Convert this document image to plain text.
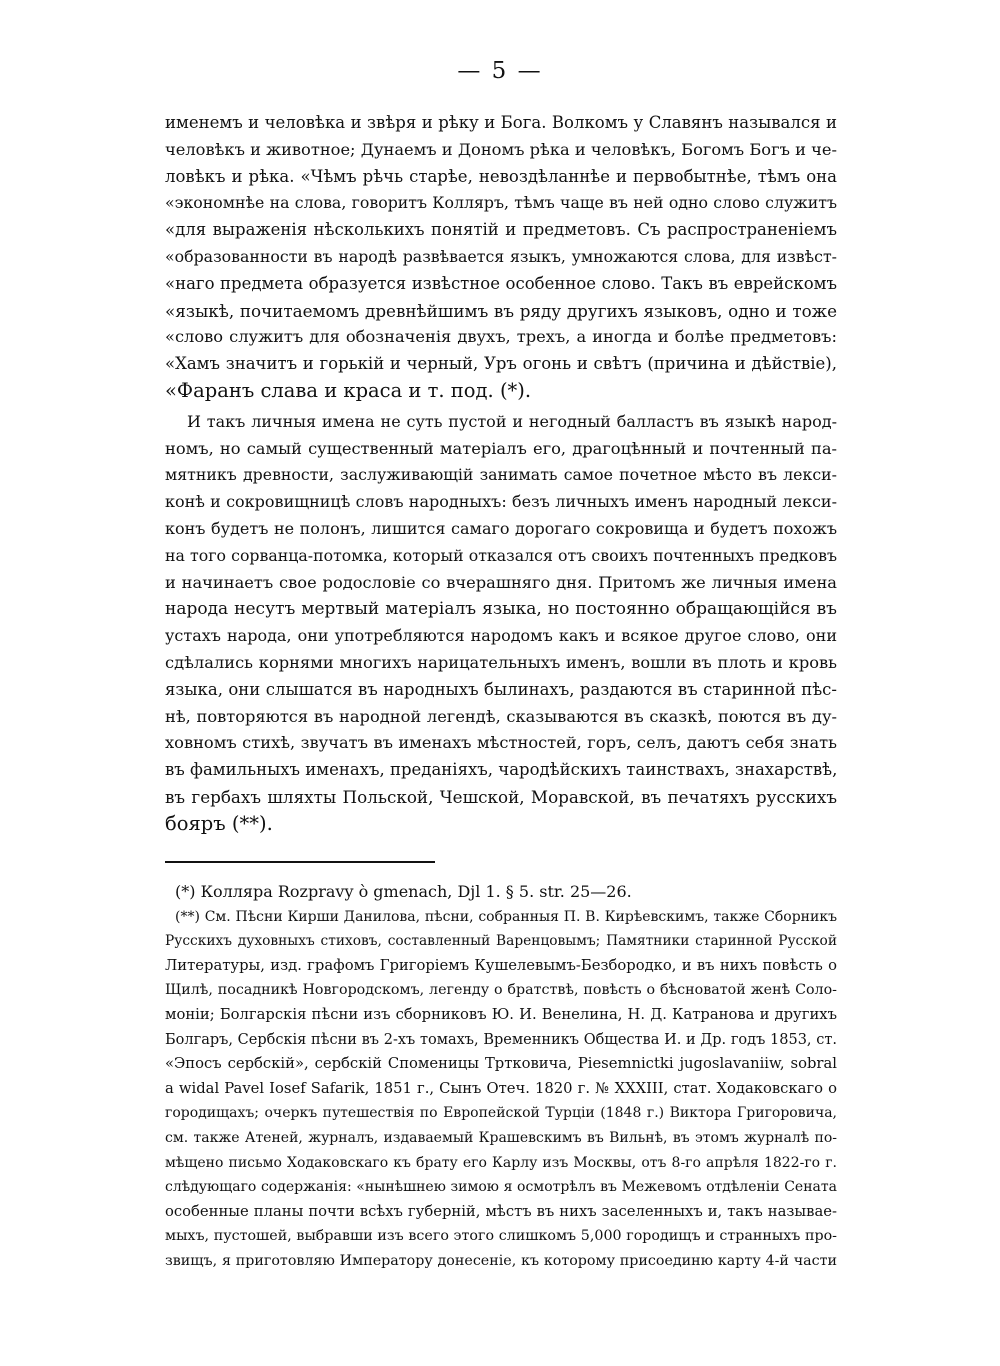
— 5 —

именемъ и человѣка и звѣря и рѣку и Бога. Волкомъ у Славянъ назывался и
человѣкъ и животное; Дунаемъ и Дономъ рѣка и человѣкъ, Богомъ Богъ и че-
ловѣкъ и рѣка. «Чѣмъ рѣчь старѣе, невоздѣланнѣе и первобытнѣе, тѣмъ она
«экономнѣе на слова, говоритъ Колляръ, тѣмъ чаще въ ней одно слово служитъ
«для выраженія нѣсколькихъ понятій и предметовъ. Съ распространеніемъ
«образованности въ народѣ развѣвается языкъ, умножаются слова, для извѣст-
«наго предмета образуется извѣстное особенное слово. Такъ въ еврейскомъ
«языкѣ, почитаемомъ древнѣйшимъ въ ряду другихъ языковъ, одно и тоже
«слово служитъ для обозначенія двухъ, трехъ, а иногда и болѣе предметовъ:
«Хамъ значитъ и горькій и черный, Уръ огонь и свѣтъ (причина и дѣйствіе),
«Фаранъ слава и краса и т. под. (*).

И такъ личныя имена не суть пустой и негодный балластъ въ языкѣ народ-
номъ, но самый существенный матеріалъ его, драгоцѣнный и почтенный па-
мятникъ древности, заслуживающій занимать самое почетное мѣсто въ лекси-
конѣ и сокровищницѣ словъ народныхъ: безъ личныхъ именъ народный лекси-
конъ будетъ не полонъ, лишится самаго дорогаго сокровища и будетъ похожъ
на того сорванца-потомка, который отказался отъ своихъ почтенныхъ предковъ
и начинаетъ свое родословіе со вчерашняго дня. Притомъ же личныя имена
народа несутъ мертвый матеріалъ языка, но постоянно обращающійся въ
устахъ народа, они употребляются народомъ какъ и всякое другое слово, они
сдѣлались корнями многихъ нарицательныхъ именъ, вошли въ плоть и кровь
языка, они слышатся въ народныхъ былинахъ, раздаются въ старинной пѣс-
нѣ, повторяются въ народной легендѣ, сказываются въ сказкѣ, поются въ ду-
ховномъ стихѣ, звучатъ въ именахъ мѣстностей, горъ, селъ, даютъ себя знать
въ фамильныхъ именахъ, преданіяхъ, чародѣйскихъ таинствахъ, знахарствѣ,
въ гербахъ шляхты Польской, Чешской, Моравской, въ печатяхъ русскихъ
бояръ (**).

(*) Колляра Rozpravy ò gmenach, Djl 1. § 5. str. 25—26.

(**) См. Пѣсни Кирши Данилова, пѣсни, собранныя П. В. Кирѣевскимъ, также Сборникъ
Русскихъ духовныхъ стиховъ, составленный Варенцовымъ; Памятники старинной Русской
Литературы, изд. графомъ Григоріемъ Кушелевымъ-Безбородко, и въ нихъ повѣсть о
Щилѣ, посадникѣ Новгородскомъ, легенду о братствѣ, повѣсть о бѣсноватой женѣ Соло-
моніи; Болгарскія пѣсни изъ сборниковъ Ю. И. Венелина, Н. Д. Катранова и другихъ
Болгаръ, Сербскія пѣсни въ 2-хъ томахъ, Временникъ Общества И. и Др. годъ 1853, ст.
«Эпосъ сербскій», сербскій Споменицы Тртковича, Piesemnictki jugoslavaniiw, sobral
a widal Pavel Iosef Safarik, 1851 г., Сынъ Отеч. 1820 г. № XXXIII, стат. Ходаковскаго о
городищахъ; очеркъ путешествія по Европейской Турціи (1848 г.) Виктора Григоровича,
см. также Атеней, журналъ, издаваемый Крашевскимъ въ Вильнѣ, въ этомъ журналѣ по-
мѣщено письмо Ходаковскаго къ брату его Карлу изъ Москвы, отъ 8-го апрѣля 1822-го г.
слѣдующаго содержанія: «нынѣшнею зимою я осмотрѣлъ въ Межевомъ отдѣленіи Сената
особенные планы почти всѣхъ губерній, мѣстъ въ нихъ заселенныхъ и, такъ называе-
мыхъ, пустошей, выбравши изъ всего этого слишкомъ 5,000 городищъ и странныхъ про-
звищъ, я приготовляю Императору донесеніе, къ которому присоединю карту 4-й части
